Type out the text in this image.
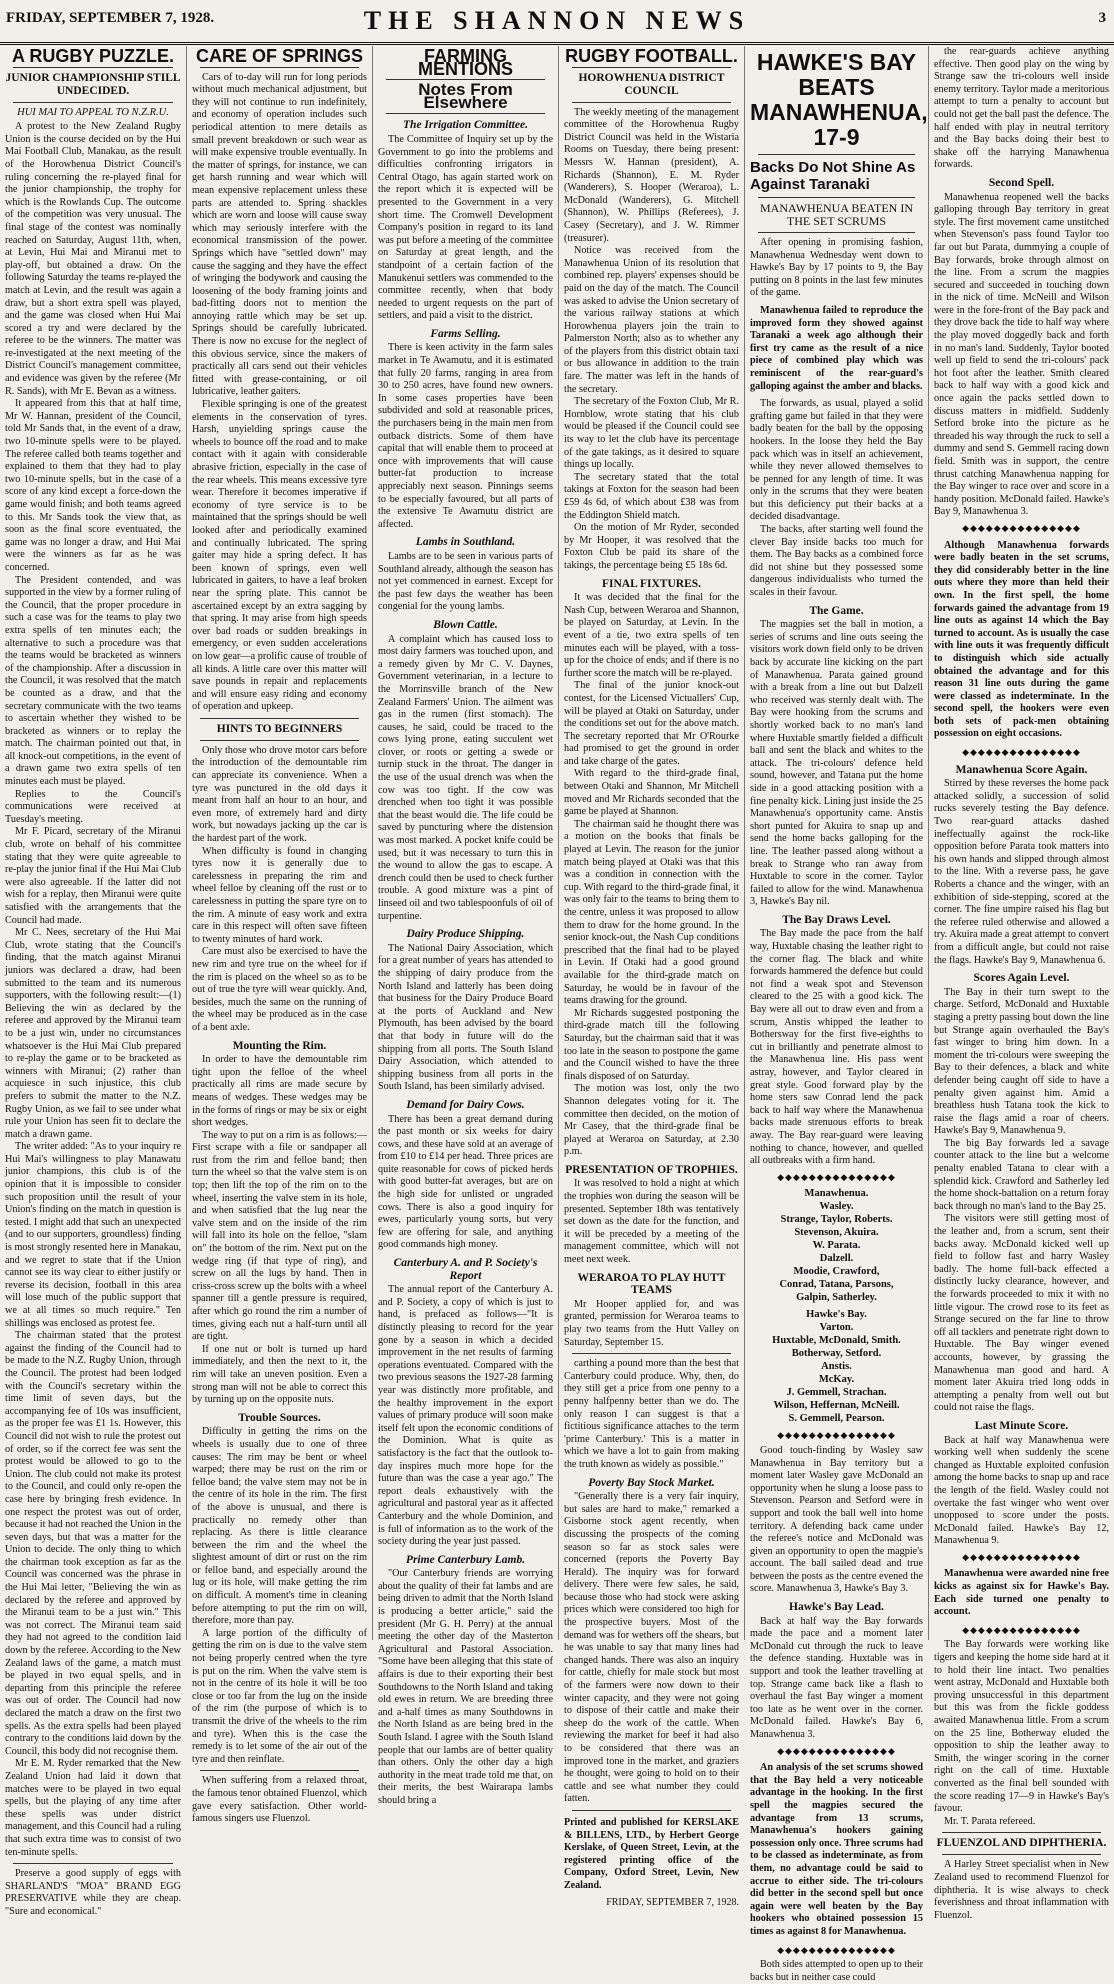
FRIDAY, SEPTEMBER 7, 1928.	THE SHANNON NEWS	3
A RUGBY PUZZLE.
JUNIOR CHAMPIONSHIP STILL UNDECIDED.
HUI MAI TO APPEAL TO N.Z.R.U.

A protest to the New Zealand Rugby Union is the course decided on by the Hui Mai Football Club, Manakau, as the result of the Horowhenua District Council's ruling concerning the re-played final for the junior championship, the trophy for which is the Rowlands Cup. The outcome of the competition was very unusual. The final stage of the contest was nominally reached on Saturday, August 11th, when, at Levin, Hui Mai and Miranui met to play-off, but obtained a draw. On the following Saturday the teams re-played the match at Levin, and the result was again a draw, but a short extra spell was played, and the game was closed when Hui Mai scored a try and were declared by the referee to be the winners. The matter was re-investigated at the next meeting of the District Council's management committee, and evidence was given by the referee (Mr R. Sands), with Mr E. Bevan as a witness.

It appeared from this that at half time, Mr W. Hannan, president of the Council, told Mr Sands that, in the event of a draw, two 10-minute spells were to be played. The referee called both teams together and explained to them that they had to play two 10-minute spells, but in the case of a score of any kind except a force-down the game would finish; and both teams agreed to this. Mr Sands took the view that, as soon as the final score eventuated, the game was no longer a draw, and Hui Mai were the winners as far as he was concerned.

The President contended, and was supported in the view by a former ruling of the Council, that the proper procedure in such a case was for the teams to play two extra spells of ten minutes each; the alternative to such a procedure was that the teams would be bracketed as winners of the championship. After a discussion in the Council, it was resolved that the match be counted as a draw, and that the secretary communicate with the two teams to ascertain whether they wished to be bracketed as winners or to replay the match. The chairman pointed out that, in all knock-out competitions, in the event of a drawn game two extra spells of ten minutes each must be played.

Replies to the Council's communications were received at Tuesday's meeting.

Mr F. Picard, secretary of the Miranui club, wrote on behalf of his committee stating that they were quite agreeable to re-play the junior final if the Hui Mai Club were also agreeable. If the latter did not wish for a replay, then Miranui were quite satisfied with the arrangements that the Council had made.

Mr C. Nees, secretary of the Hui Mai Club, wrote stating that the Council's finding, that the match against Miranui juniors was declared a draw, had been submitted to the team and its numerous supporters, with the following result:—(1) Believing the win as declared by the referee and approved by the Miranui team to be a just win, under no circumstances whatsoever is the Hui Mai Club prepared to re-play the game or to be bracketed as winners with Miranui; (2) rather than acquiesce in such injustice, this club prefers to submit the matter to the N.Z. Rugby Union, as we fail to see under what rule your Union has seen fit to declare the match a drawn game.

The writer added: "As to your inquiry re Hui Mai's willingness to play Manawatu junior champions, this club is of the opinion that it is impossible to consider such proposition until the result of your Union's finding on the match in question is tested. I might add that such an unexpected (and to our supporters, groundless) finding is most strongly resented here in Manakau, and we regret to state that if the Union cannot see its way clear to either justify or reverse its decision, football in this area will lose much of the public support that we at all times so much require." Ten shillings was enclosed as protest fee.

The chairman stated that the protest against the finding of the Council had to be made to the N.Z. Rugby Union, through the Council. The protest had been lodged with the Council's secretary within the time limit of seven days, but the accompanying fee of 10s was insufficient, as the proper fee was £1 1s. However, this Council did not wish to rule the protest out of order, so if the correct fee was sent the protest would be allowed to go to the Union. The club could not make its protest to the Council, and could only re-open the case here by bringing fresh evidence. In one respect the protest was out of order, because it had not reached the Union in the seven days, but that was a matter for the Union to decide. The only thing to which the chairman took exception as far as the Council was concerned was the phrase in the Hui Mai letter, "Believing the win as declared by the referee and approved by the Miranui team to be a just win." This was not correct. The Miranui team said they had not agreed to the condition laid down by the referee. According to the New Zealand laws of the game, a match must be played in two equal spells, and in departing from this principle the referee was out of order. The Council had now declared the match a draw on the first two spells. As the extra spells had been played contrary to the conditions laid down by the Council, this body did not recognise them.

Mr E. M. Ryder remarked that the New Zealand Union had laid it down that matches were to be played in two equal spells, but the playing of any time after these spells was under district management, and this Council had a ruling that such extra time was to consist of two ten-minute spells.

Preserve a good supply of eggs with SHARLAND'S "MOA" BRAND EGG PRESERVATIVE while they are cheap. "Sure and economical."

CARE OF SPRINGS

Cars of to-day will run for long periods without much mechanical adjustment, but they will not continue to run indefinitely, and economy of operation includes such periodical attention to mere details as small prevent breakdown or such wear as will make expensive trouble eventually. In the matter of springs, for instance, we can get harsh running and wear which will mean expensive replacement unless these parts are attended to. Spring shackles which are worn and loose will cause sway which may seriously interfere with the economical transmission of the power. Springs which have "settled down" may cause the sagging and they have the effect of wringing the bodywork and causing the loosening of the body framing joints and bad-fitting doors not to mention the annoying rattle which may be set up. Springs should be carefully lubricated. There is now no excuse for the neglect of this obvious service, since the makers of practically all cars send out their vehicles fitted with grease-containing, or oil lubricative, leather gaiters.

Flexible springing is one of the greatest elements in the conservation of tyres. Harsh, unyielding springs cause the wheels to bounce off the road and to make contact with it again with considerable abrasive friction, especially in the case of the rear wheels. This means excessive tyre wear. Therefore it becomes imperative if economy of tyre service is to be maintained that the springs should be well looked after and periodically examined and continually lubricated. The spring gaiter may hide a spring defect. It has been known of springs, even well lubricated in gaiters, to have a leaf broken near the spring plate. This cannot be ascertained except by an extra sagging by that spring. It may arise from high speeds over bad roads or sudden breakings in emergency, or even sudden accelerations on low gear—a prolific cause of trouble of all kinds. A little care over this matter will save pounds in repair and replacements and will ensure easy riding and economy of operation and upkeep.

HINTS TO BEGINNERS

Only those who drove motor cars before the introduction of the demountable rim can appreciate its convenience. When a tyre was punctured in the old days it meant from half an hour to an hour, and even more, of extremely hard and dirty work, but nowadays jacking up the car is the hardest part of the work.

When difficulty is found in changing tyres now it is generally due to carelessness in preparing the rim and wheel felloe by cleaning off the rust or to carelessness in putting the spare tyre on to the rim. A minute of easy work and extra care in this respect will often save fifteen to twenty minutes of hard work.

Care must also be exercised to have the new rim and tyre true on the wheel for if the rim is placed on the wheel so as to be out of true the tyre will wear quickly. And, besides, much the same on the running of the wheel may be produced as in the case of a bent axle.

Mounting the Rim.

In order to have the demountable rim tight upon the felloe of the wheel practically all rims are made secure by means of wedges. These wedges may be in the forms of rings or may be six or eight short wedges.

The way to put on a rim is as follows:—First scrape with a file or sandpaper all rust from the rim and felloe band; then turn the wheel so that the valve stem is on top; then lift the top of the rim on to the wheel, inserting the valve stem in its hole, and when satisfied that the lug near the valve stem and on the inside of the rim will fall into its hole on the felloe, "slam on" the bottom of the rim. Next put on the wedge ring (if that type of ring), and screw on all the lugs by hand. Then in criss-cross screw up the bolts with a wheel spanner till a gentle pressure is required, after which go round the rim a number of times, giving each nut a half-turn until all are tight.

If one nut or bolt is turned up hard immediately, and then the next to it, the rim will take an uneven position. Even a strong man will not be able to correct this by turning up on the opposite nuts.

Trouble Sources.

Difficulty in getting the rims on the wheels is usually due to one of three causes: The rim may be bent or wheel warped; there may be rust on the rim or felloe band; the valve stem may not be in the centre of its hole in the rim. The first of the above is unusual, and there is practically no remedy other than replacing. As there is little clearance between the rim and the wheel the slightest amount of dirt or rust on the rim or felloe band, and especially around the lug or its hole, will make getting the rim on difficult. A moment's time in cleaning before attempting to put the rim on will, therefore, more than pay.

A large portion of the difficulty of getting the rim on is due to the valve stem not being properly centred when the tyre is put on the rim. When the valve stem is not in the centre of its hole it will be too close or too far from the lug on the inside of the rim (the purpose of which is to transmit the drive of the wheels to the rim and tyre). When this is the case the remedy is to let some of the air out of the tyre and then reinflate.

When suffering from a relaxed throat, the famous tenor obtained Fluenzol, which gave every satisfaction. Other world-famous singers use Fluenzol.

FARMING MENTIONS
Notes From Elsewhere
The Irrigation Committee.

The Committee of Inquiry set up by the Government to go into the problems and difficulties confronting irrigators in Central Otago, has again started work on the report which it is expected will be presented to the Government in a very short time. The Cromwell Development Company's position in regard to its land was put before a meeting of the committee on Saturday at great length, and the standpoint of a certain faction of the Manukenui settlers was commended to the committee recently, when that body needed to urgent requests on the part of settlers, and paid a visit to the district.

Farms Selling.

There is keen activity in the farm sales market in Te Awamutu, and it is estimated that fully 20 farms, ranging in area from 30 to 250 acres, have found new owners. In some cases properties have been subdivided and sold at reasonable prices, the purchasers being in the main men from outback districts. Some of them have capital that will enable them to proceed at once with improvements that will cause butter-fat production to increase appreciably next season. Pinnings seems to be especially favoured, but all parts of the extensive Te Awamutu district are affected.

Lambs in Southland.

Lambs are to be seen in various parts of Southland already, although the season has not yet commenced in earnest. Except for the past few days the weather has been congenial for the young lambs.

Blown Cattle.

A complaint which has caused loss to most dairy farmers was touched upon, and a remedy given by Mr C. V. Daynes, Government veterinarian, in a lecture to the Morrinsville branch of the New Zealand Farmers' Union. The ailment was gas in the rumen (first stomach). The causes, he said, could be traced to the cows lying prone, eating succulent wet clover, or roots or getting a swede or turnip stuck in the throat. The danger in the use of the usual drench was when the cow was too tight. If the cow was drenched when too tight it was possible that the beast would die. The life could be saved by puncturing where the distension was most marked. A pocket knife could be used, but it was necessary to turn this in the wound to allow the gas to escape. A drench could then be used to check further trouble. A good mixture was a pint of linseed oil and two tablespoonfuls of oil of turpentine.

Dairy Produce Shipping.

The National Dairy Association, which for a great number of years has attended to the shipping of dairy produce from the North Island and latterly has been doing that business for the Dairy Produce Board at the ports of Auckland and New Plymouth, has been advised by the board that that body in future will do the shipping from all ports. The South Island Dairy Association, which attended to shipping business from all ports in the South Island, has been similarly advised.

Demand for Dairy Cows.

There has been a great demand during the past month or six weeks for dairy cows, and these have sold at an average of from £10 to £14 per head. Three prices are quite reasonable for cows of picked herds with good butter-fat averages, but are on the high side for unlisted or ungraded cows. There is also a good inquiry for ewes, particularly young sorts, but very few are offering for sale, and anything good commands high money.

Canterbury A. and P. Society's Report

The annual report of the Canterbury A. and P. Society, a copy of which is just to hand, is prefaced as follows—"It is distinctly pleasing to record for the year gone by a season in which a decided improvement in the net results of farming operations eventuated. Compared with the two previous seasons the 1927-28 farming year was distinctly more profitable, and the healthy improvement in the export values of primary produce will soon make itself felt upon the economic conditions of the Dominion. What is quite as satisfactory is the fact that the outlook to-day inspires much more hope for the future than was the case a year ago." The report deals exhaustively with the agricultural and pastoral year as it affected Canterbury and the whole Dominion, and is full of information as to the work of the society during the year just passed.

Prime Canterbury Lamb.

"Our Canterbury friends are worrying about the quality of their fat lambs and are being driven to admit that the North Island is producing a better article," said the president (Mr G. H. Perry) at the annual meeting the other day of the Masterton Agricultural and Pastoral Association. "Some have been alleging that this state of affairs is due to their exporting their best Southdowns to the North Island and taking old ewes in return. We are breeding three and a-half times as many Southdowns in the North Island as are being bred in the South Island. I agree with the South Island people that our lambs are of better quality than others. Only the other day a high authority in the meat trade told me that, on their merits, the best Wairarapa lambs should bring a

RUGBY FOOTBALL.
HOROWHENUA DISTRICT COUNCIL

The weekly meeting of the management committee of the Horowhenua Rugby District Council was held in the Wistaria Rooms on Tuesday, there being present: Messrs W. Hannan (president), A. Richards (Shannon), E. M. Ryder (Wanderers), S. Hooper (Weraroa), L. McDonald (Wanderers), G. Mitchell (Shannon), W. Phillips (Referees), J. Casey (Secretary), and J. W. Rimmer (treasurer).

Notice was received from the Manawhenua Union of its resolution that combined rep. players' expenses should be paid on the day of the match. The Council was asked to advise the Union secretary of the various railway stations at which Horowhenua players join the train to Palmerston North; also as to whether any of the players from this district obtain taxi or bus allowance in addition to the train fare. The matter was left in the hands of the secretary.

The secretary of the Foxton Club, Mr R. Hornblow, wrote stating that his club would be pleased if the Council could see its way to let the club have its percentage of the gate takings, as it desired to square things up locally.

The secretary stated that the total takings at Foxton for the season had been £59 4s 6d, of which about £38 was from the Eddington Shield match.

On the motion of Mr Ryder, seconded by Mr Hooper, it was resolved that the Foxton Club be paid its share of the takings, the percentage being £5 18s 6d.

FINAL FIXTURES.

It was decided that the final for the Nash Cup, between Weraroa and Shannon, be played on Saturday, at Levin. In the event of a tie, two extra spells of ten minutes each will be played, with a toss-up for the choice of ends; and if there is no further score the match will be re-played.

The final of the junior knock-out contest, for the Licensed Victuallers' Cup, will be played at Otaki on Saturday, under the conditions set out for the above match. The secretary reported that Mr O'Rourke had promised to get the ground in order and take charge of the gates.

With regard to the third-grade final, between Otaki and Shannon, Mr Mitchell moved and Mr Richards seconded that the game be played at Shannon.

The chairman said he thought there was a motion on the books that finals be played at Levin. The reason for the junior match being played at Otaki was that this was a condition in connection with the cup. With regard to the third-grade final, it was only fair to the teams to bring them to the centre, unless it was proposed to allow them to draw for the home ground. In the senior knock-out, the Nash Cup conditions prescribed that the final had to be played in Levin. If Otaki had a good ground available for the third-grade match on Saturday, he would be in favour of the teams drawing for the ground.

Mr Richards suggested postponing the third-grade match till the following Saturday, but the chairman said that it was too late in the season to postpone the game and the Council wished to have the three finals disposed of on Saturday.

The motion was lost, only the two Shannon delegates voting for it. The committee then decided, on the motion of Mr Casey, that the third-grade final be played at Weraroa on Saturday, at 2.30 p.m.

PRESENTATION OF TROPHIES.

It was resolved to hold a night at which the trophies won during the season will be presented. September 18th was tentatively set down as the date for the function, and it will be preceded by a meeting of the management committee, which will not meet next week.

WERAROA TO PLAY HUTT TEAMS

Mr Hooper applied for, and was granted, permission for Weraroa teams to play two teams from the Hutt Valley on Saturday, September 15.

carthing a pound more than the best that Canterbury could produce. Why, then, do they still get a price from one penny to a penny halfpenny better than we do. The only reason I can suggest is that a fictitious significance attaches to the term 'prime Canterbury.' This is a matter in which we have a lot to gain from making the truth known as widely as possible."

Poverty Bay Stock Market.

"Generally there is a very fair inquiry, but sales are hard to make," remarked a Gisborne stock agent recently, when discussing the prospects of the coming season so far as stock sales were concerned (reports the Poverty Bay Herald). The inquiry was for forward delivery. There were few sales, he said, because those who had stock were asking prices which were considered too high for the prospective buyers. Most of the demand was for wethers off the shears, but he was unable to say that many lines had changed hands. There was also an inquiry for cattle, chiefly for male stock but most of the farmers were now down to their winter capacity, and they were not going to dispose of their cattle and make their sheep do the work of the cattle. When reviewing the market for beef it had also to be considered that there was an improved tone in the market, and graziers he thought, were going to hold on to their cattle and see what number they could fatten.

Printed and published for KERSLAKE & BILLENS, LTD., by Herbert George Kerslake, of Queen Street, Levin, at the registered printing office of the Company, Oxford Street, Levin, New Zealand.
FRIDAY, SEPTEMBER 7, 1928.
HAWKE'S BAY BEATS MANAWHENUA, 17-9
Backs Do Not Shine As Against Taranaki
MANAWHENUA BEATEN IN THE SET SCRUMS

After opening in promising fashion, Manawhenua Wednesday went down to Hawke's Bay by 17 points to 9, the Bay putting on 8 points in the last few minutes of the game.

Manawhenua failed to reproduce the improved form they showed against Taranaki a week ago although their first try came as the result of a nice piece of combined play which was reminiscent of the rear-guard's galloping against the amber and blacks.

The forwards, as usual, played a solid grafting game but failed in that they were badly beaten for the ball by the opposing hookers. In the loose they held the Bay pack which was in itself an achievement, while they never allowed themselves to be penned for any length of time. It was only in the scrums that they were beaten but this deficiency put their backs at a decided disadvantage.

The backs, after starting well found the clever Bay inside backs too much for them. The Bay backs as a combined force did not shine but they possessed some dangerous individualists who turned the scales in their favour.

The Game.

The magpies set the ball in motion, a series of scrums and line outs seeing the visitors work down field only to be driven back by accurate line kicking on the part of Manawhenua. Parata gained ground with a break from a line out but Dalzell who received was sternly dealt with. The Bay were hooking from the scrums and shortly worked back to no man's land where Huxtable smartly fielded a difficult ball and sent the black and whites to the attack. The tri-colours' defence held sound, however, and Tatana put the home side in a good attacking position with a fine penalty kick. Lining just inside the 25 Manawhenua's opportunity came. Anstis short punted for Akuira to snap up and send the home backs galloping for the line. The leather passed along without a break to Strange who ran away from Huxtable to score in the corner. Taylor failed to allow for the wind. Manawhenua 3, Hawke's Bay nil.

The Bay Draws Level.

The Bay made the pace from the half way, Huxtable chasing the leather right to the corner flag. The black and white forwards hammered the defence but could not find a weak spot and Stevenson cleared to the 25 with a good kick. The Bay were all out to draw even and from a scrum, Anstis whipped the leather to Bothersway for the first five-eighths to cut in brilliantly and penetrate almost to the Manawhenua line. His pass went astray, however, and Taylor cleared in great style. Good forward play by the home sters saw Conrad lend the pack back to half way where the Manawhenua backs made strenuous efforts to break away. The Bay rear-guard were leaving nothing to chance, however, and quelled all outbreaks with a firm hand.

◆◆◆◆◆◆◆◆◆◆◆◆◆◆◆
Manawhenua.
Wasley.
Strange, Taylor, Roberts.
Stevenson, Akuira.
W. Parata.
Dalzell.
Moodie, Crawford,
Conrad, Tatana, Parsons,
Galpin, Satherley.
Hawke's Bay.
Varton.
Huxtable, McDonald, Smith.
Botherway, Setford.
Anstis.
McKay.
J. Gemmell, Strachan.
Wilson, Heffernan, McNeill.
S. Gemmell, Pearson.
◆◆◆◆◆◆◆◆◆◆◆◆◆◆◆

Good touch-finding by Wasley saw Manawhenua in Bay territory but a moment later Wasley gave McDonald an opportunity when he slung a loose pass to Stevenson. Pearson and Setford were in support and took the ball well into home territory. A defending back came under the referee's notice and McDonald was given an opportunity to open the magpie's account. The ball sailed dead and true between the posts as the centre evened the score. Manawhenua 3, Hawke's Bay 3.

Hawke's Bay Lead.

Back at half way the Bay forwards made the pace and a moment later McDonald cut through the ruck to leave the defence standing. Huxtable was in support and took the leather travelling at top. Strange came back like a flash to overhaul the fast Bay winger a moment too late as he went over in the corner. McDonald failed. Hawke's Bay 6, Manawhenua 3.

◆◆◆◆◆◆◆◆◆◆◆◆◆◆◆

An analysis of the set scrums showed that the Bay held a very noticeable advantage in the hooking. In the first spell the magpies secured the advantage from 13 scrums, Manawhenua's hookers gaining possession only once. Three scrums had to be classed as indeterminate, as from them, no advantage could be said to accrue to either side. The tri-colours did better in the second spell but once again were well beaten by the Bay hookers who obtained possession 15 times as against 8 for Manawhenua.

◆◆◆◆◆◆◆◆◆◆◆◆◆◆◆

Both sides attempted to open up to their backs but in neither case could

the rear-guards achieve anything effective. Then good play on the wing by Strange saw the tri-colours well inside enemy territory. Taylor made a meritorious attempt to turn a penalty to account but could not get the ball past the defence. The half ended with play in neutral territory and the Bay backs doing their best to shake off the harrying Manawhenua forwards.

Second Spell.

Manawhenua reopened well the backs galloping through Bay territory in great style. The first movement came unstitched when Stevenson's pass found Taylor too far out but Parata, dummying a couple of Bay forwards, broke through almost on the line. From a scrum the magpies secured and succeeded in touching down in the nick of time. McNeill and Wilson were in the fore-front of the Bay pack and they drove back the tide to half way where the play moved doggedly back and forth in no man's land. Suddenly, Taylor booted well up field to send the tri-colours' pack hot foot after the leather. Smith cleared back to half way with a good kick and once again the packs settled down to discuss matters in midfield. Suddenly Setford broke into the picture as he threaded his way through the ruck to sell a dummy and send S. Gemmell racing down field. Smith was in support, the centre thrust catching Manawhenua napping for the Bay winger to race over and score in a handy position. McDonald failed. Hawke's Bay 9, Manawhenua 3.

◆◆◆◆◆◆◆◆◆◆◆◆◆◆◆

Although Manawhenua forwards were badly beaten in the set scrums, they did considerably better in the line outs where they more than held their own. In the first spell, the home forwards gained the advantage from 19 line outs as against 14 which the Bay turned to account. As is usually the case with line outs it was frequently difficult to distinguish which side actually obtained the advantage and for this reason 31 line outs during the game were classed as indeterminate. In the second spell, the hookers were even both sets of pack-men obtaining possession on eight occasions.

◆◆◆◆◆◆◆◆◆◆◆◆◆◆◆
Manawhenua Score Again.

Stirred by these reverses the home pack attacked solidly, a succession of solid rucks severely testing the Bay defence. Two rear-guard attacks dashed ineffectually against the rock-like opposition before Parata took matters into his own hands and slipped through almost to the line. With a reverse pass, he gave Roberts a chance and the winger, with an exhibition of side-stepping, scored at the corner. The fine umpire raised his flag but the referee ruled otherwise and allowed a try. Akuira made a great attempt to convert from a difficult angle, but could not raise the flags. Hawke's Bay 9, Manawhenua 6.

Scores Again Level.

The Bay in their turn swept to the charge. Setford, McDonald and Huxtable staging a pretty passing bout down the line but Strange again overhauled the Bay's fast winger to bring him down. In a moment the tri-colours were sweeping the Bay to their defences, a black and white defender being caught off side to have a penalty given against him. Amid a breathless hush Tatana took the kick to raise the flags amid a roar of cheers. Hawke's Bay 9, Manawhenua 9.

The big Bay forwards led a savage counter attack to the line but a welcome penalty enabled Tatana to clear with a splendid kick. Crawford and Satherley led the home shock-battalion on a return foray back through no man's land to the Bay 25.

The visitors were still getting most of the leather and, from a scrum, sent their backs away. McDonald kicked well up field to follow fast and harry Wasley badly. The home full-back effected a distinctly lucky clearance, however, and the forwards proceeded to mix it with no little vigour. The crowd rose to its feet as Strange secured on the far line to throw off all tacklers and penetrate right down to Huxtable. The Bay winger evened accounts, however, by grassing the Manawhenua man good and hard. A moment later Akuira tried long odds in attempting a penalty from well out but could not raise the flags.

Last Minute Score.

Back at half way Manawhenua were working well when suddenly the scene changed as Huxtable exploited confusion among the home backs to snap up and race the length of the field. Wasley could not overtake the fast winger who went over unopposed to score under the posts. McDonald failed. Hawke's Bay 12, Manawhenua 9.

◆◆◆◆◆◆◆◆◆◆◆◆◆◆◆

Manawhenua were awarded nine free kicks as against six for Hawke's Bay. Each side turned one penalty to account.

◆◆◆◆◆◆◆◆◆◆◆◆◆◆◆

The Bay forwards were working like tigers and keeping the home side hard at it to hold their line intact. Two penalties went astray, McDonald and Huxtable both proving unsuccessful in this department but this was from the fickle goddess awaited Manawhenua little. From a scrum on the 25 line, Botherway eluded the opposition to ship the leather away to Smith, the winger scoring in the corner right on the call of time. Huxtable converted as the final bell sounded with the score reading 17—9 in Hawke's Bay's favour.

Mr. T. Parata refereed.

FLUENZOL AND DIPHTHERIA.

A Harley Street specialist when in New Zealand used to recommend Fluenzol for diphtheria. It is wise always to check feverishness and throat inflammation with Fluenzol.
